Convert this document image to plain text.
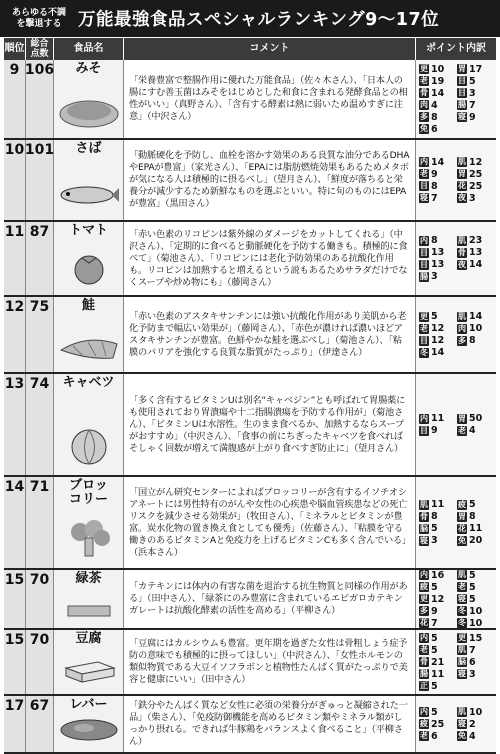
あらゆる不調
を撃退する 万能最強食品スペシャルランキング9～17位
順位 総合
点数	食品名	コメント	ポイント内訳
9 106	みそ
「栄養豊富で整腸作用に優れた万能食品」（佐々木さん）、「日本人の腸にすむ善玉菌はみそをはじめとした和食に含まれる発酵食品との相性がいい」（真野さん）、「含有する酵素は熱に弱いため温めすぎに注意」（中沢さん）
更 10 胃 17
老 19 目 5
骨 14 目 3
肉 4	腸 7
多 8	寝 9
免 6
10 101	さば	「動脈硬化を予防し、血栓を溶かす効果のある良質な油分であるDHAやEPAが豊富」（家光さん）、「EPAには脂肪燃焼効果もあるためメタボが気になる人は積極的に摂るべし」（望月さん）、「鮮度が落ちると栄養分が減少するため新鮮なものを選ぶといい。特に旬のものにはEPAが豊富」（黒田さん）
内 14 肌 12
老 9	胃 25
目 8	花 25
寝 7	夜 3
11 87	トマト	「赤い色素のリコピンは紫外線のダメージをカットしてくれる」（中沢さん）、「定期的に食べると動脈硬化を予防する働きも。積極的に食べて」（菊池さん）、「リコピンには老化予防効果のある抗酸化作用も。リコピンは加熱すると増えるという説もあるためサラダだけでなくスープや炒め物にも」（藤岡さん）
内 8	肌 23
目 13 骨 13
目 13 夜 14
腸 3
12 75	鮭
「赤い色素のアスタキサンチンには強い抗酸化作用があり美肌から老化予防まで幅広い効果が」（藤岡さん）、「赤色が濃ければ濃いほどアスタキサンチンが豊富。色鮮やかな鮭を選ぶべし」（菊池さん）、「粘膜のバリアを強化する良質な脂質がたっぷり」（伊達さん）
更 5	肌 14
老 12 肉 10
目 12 多 8
冬 14
13 74	キャベツ
「多く含有するビタミンUは別名“キャベジン”とも呼ばれて胃腸薬にも使用されており胃潰瘍や十二指腸潰瘍を予防する作用が」（菊池さん）、「ビタミンUは水溶性。生のまま食べるか、加熱するならスープがおすすめ」（中沢さん）、「食事の前にちぎったキャベツを食べればそしゃく回数が増えて満腹感が上がり食べすぎ防止に」（望月さん）
内 11 胃 50
目 9	老 4
14 71	ブロッ
コリー	「国立がん研究センターによればブロッコリーが含有するイソチオシアネートには男性特有のがんや女性の心疾患や脳血管疾患などの死亡リスクを減少させる効果が」（牧田さん）、「ミネラルとビタミンが豊富。炭水化物の置き換え食としても優秀」（佐藤さん）、「粘膜を守る働きのあるビタミンAと免疫力を上げるビタミンCも多く含んでいる」（浜本さん）
肌 11 疲 5
骨 8	胃 8
脳 5	花 11
寝 3	免 20
15 70	緑茶
「カテキンには体内の有害な菌を退治する抗生物質と同様の作用がある」（田中さん）、「緑茶にのみ豊富に含まれているエピガロカテキンガレートは抗酸化酵素の活性を高める」（平柳さん）
内 16 肌 5
疲 5	老 5
更 12 寝 5
多 9	冬 10
花 7	冬 10
15 70	豆腐	「豆腐にはカルシウムも豊富。更年期を過ぎた女性は骨粗しょう症予防の意味でも積極的に摂ってほしい」（中沢さん）、「女性ホルモンの類似物質である大豆イソフラボンと植物性たんぱく質がたっぷりで美容と健康にいい」（田中さん）
内 5	更 15
老 5	肌 7
骨 21 脳 6
腸 11 寝 3
正 5
17 67	レバー	「鉄分やたんぱく質など女性に必須の栄養分がぎゅっと凝縮された一品」（柴さん）、「免疫防御機能を高めるビタミン類やミネラル類がしっかり摂れる。できれば牛豚鶏をバランスよく食べること」（平柳さん）
内 5	肌 10
疲 25 寝 2
老 6	免 4
